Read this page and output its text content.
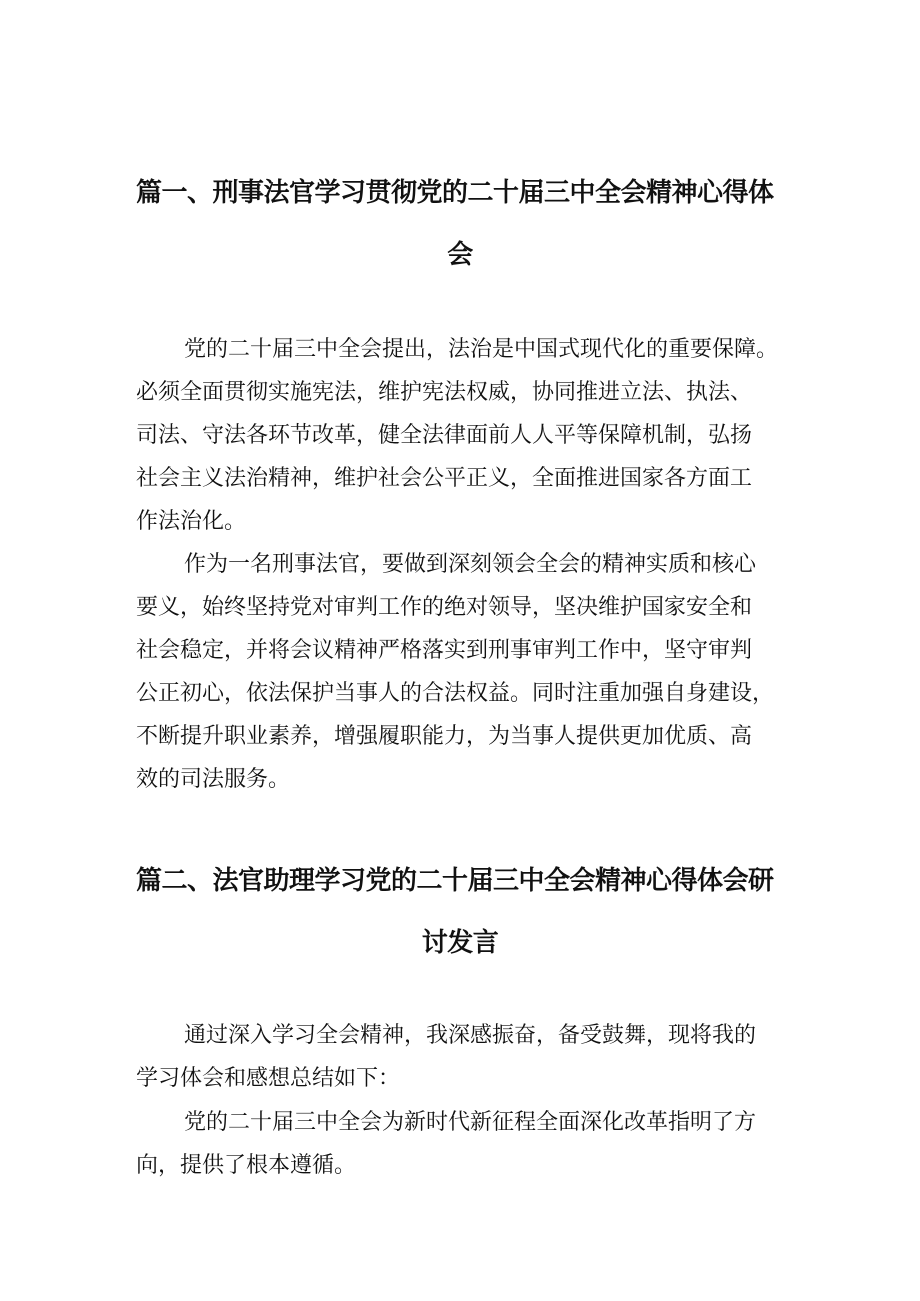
篇一、刑事法官学习贯彻党的二十届三中全会精神心得体
会
党的二十届三中全会提出，法治是中国式现代化的重要保障。
必须全面贯彻实施宪法，维护宪法权威，协同推进立法、执法、
司法、守法各环节改革，健全法律面前人人平等保障机制，弘扬
社会主义法治精神，维护社会公平正义，全面推进国家各方面工
作法治化。
作为一名刑事法官，要做到深刻领会全会的精神实质和核心
要义，始终坚持党对审判工作的绝对领导，坚决维护国家安全和
社会稳定，并将会议精神严格落实到刑事审判工作中，坚守审判
公正初心，依法保护当事人的合法权益。同时注重加强自身建设，
不断提升职业素养，增强履职能力，为当事人提供更加优质、高
效的司法服务。
篇二、法官助理学习党的二十届三中全会精神心得体会研
讨发言
通过深入学习全会精神，我深感振奋，备受鼓舞，现将我的
学习体会和感想总结如下：
党的二十届三中全会为新时代新征程全面深化改革指明了方
向，提供了根本遵循。
